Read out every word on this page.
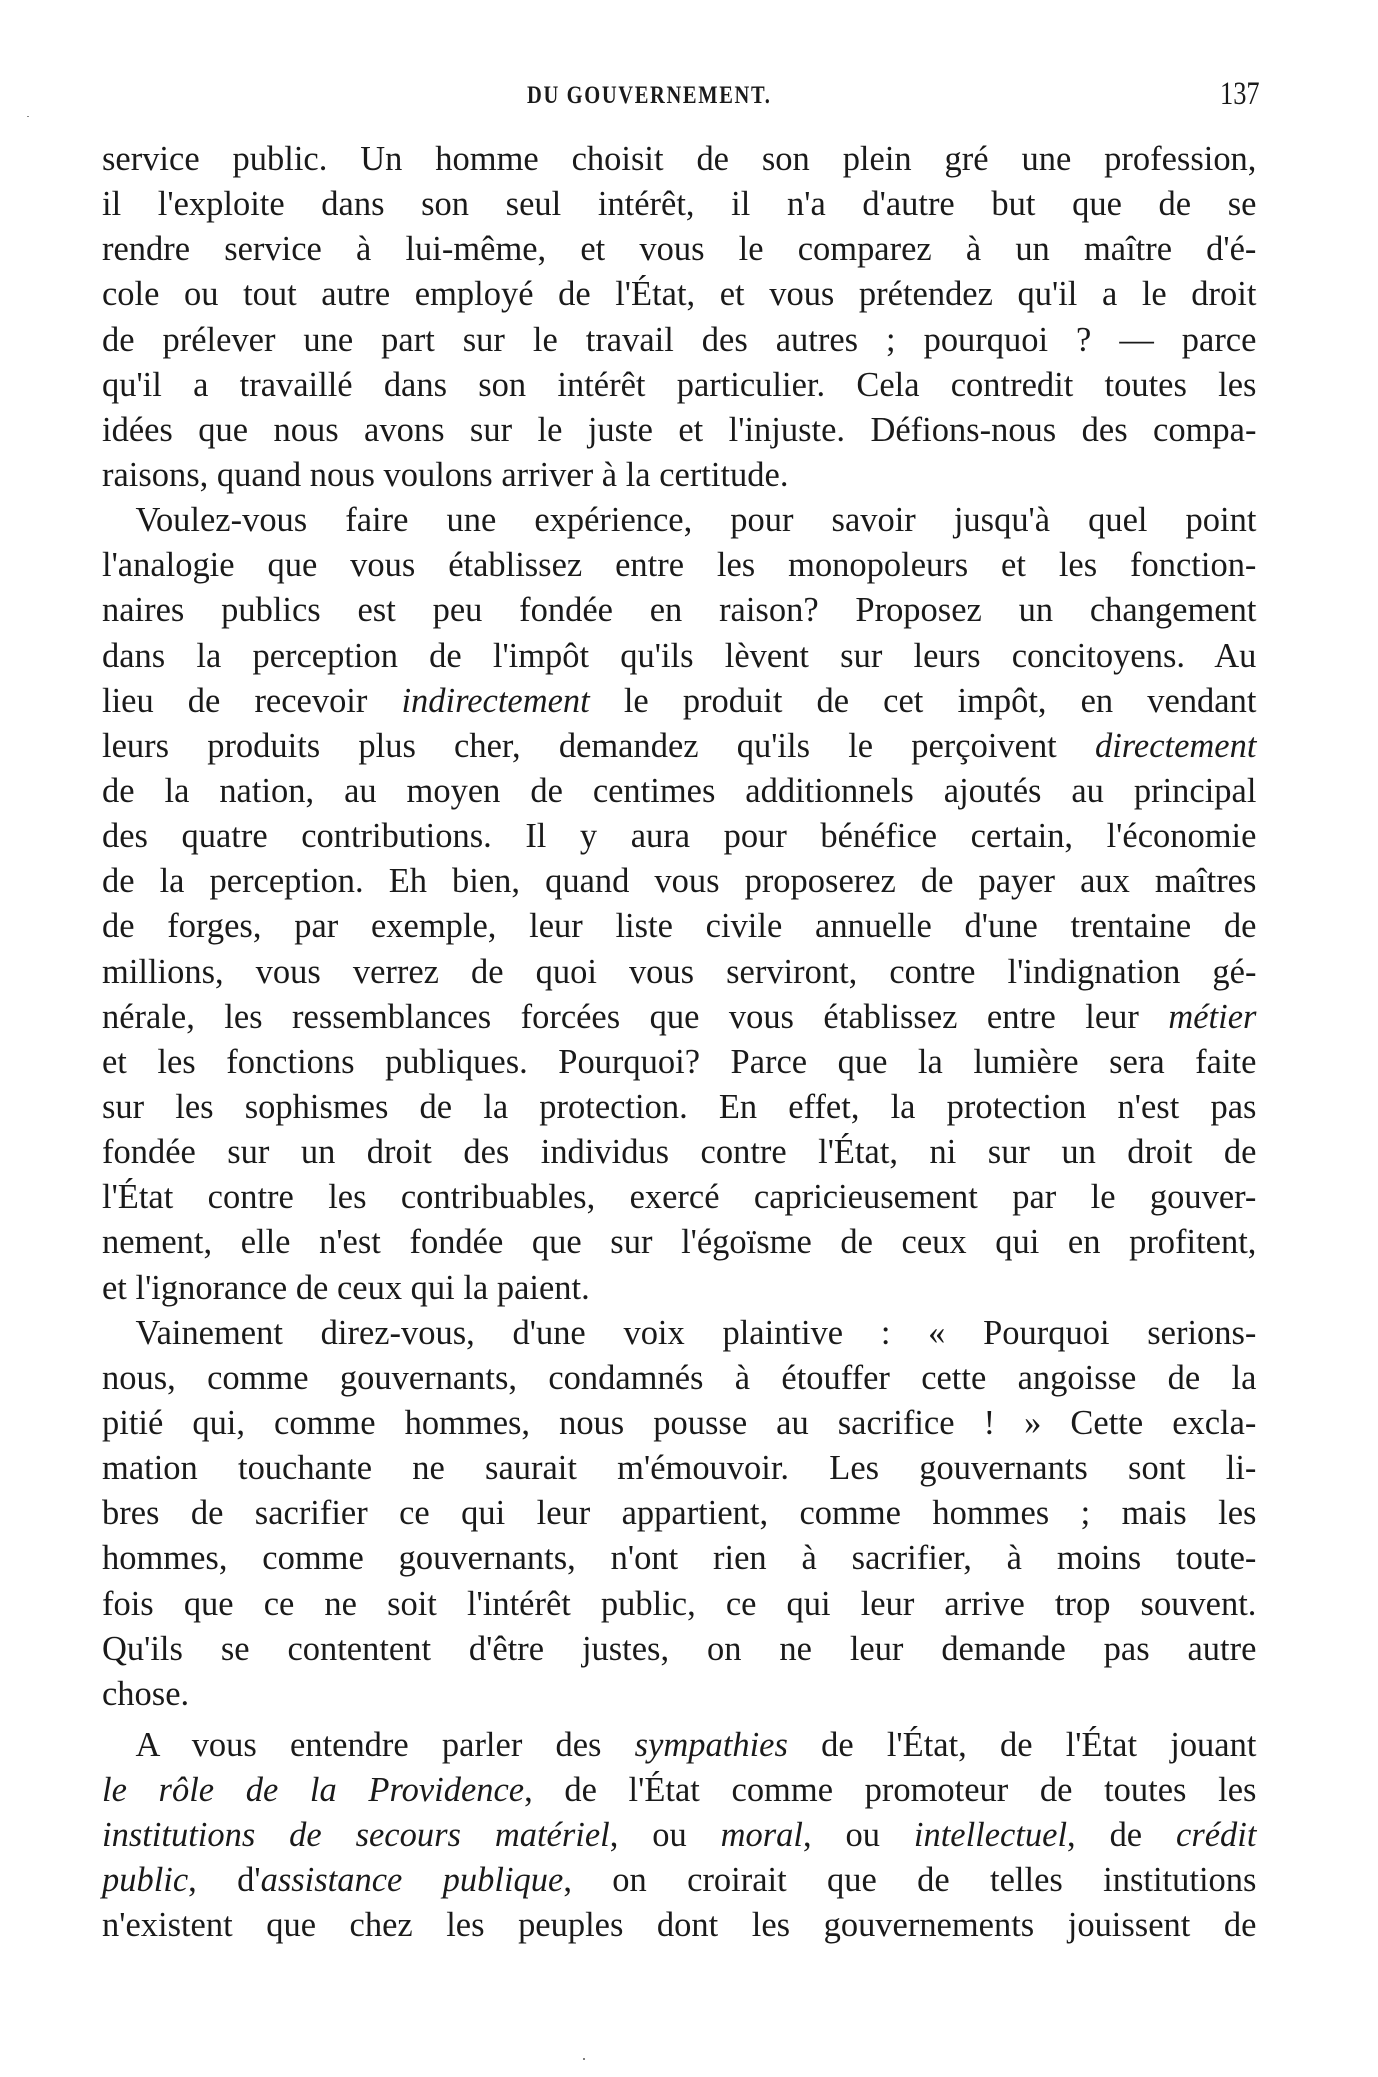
DU GOUVERNEMENT.	137
service public. Un homme choisit de son plein gré une profession,
il l'exploite dans son seul intérêt, il n'a d'autre but que de se
rendre service à lui-même, et vous le comparez à un maître d'é-
cole ou tout autre employé de l'État, et vous prétendez qu'il a le droit
de prélever une part sur le travail des autres ; pourquoi ? — parce
qu'il a travaillé dans son intérêt particulier. Cela contredit toutes les
idées que nous avons sur le juste et l'injuste. Défions-nous des compa-
raisons, quand nous voulons arriver à la certitude.
Voulez-vous faire une expérience, pour savoir jusqu'à quel point
l'analogie que vous établissez entre les monopoleurs et les fonction-
naires publics est peu fondée en raison? Proposez un changement
dans la perception de l'impôt qu'ils lèvent sur leurs concitoyens. Au
lieu de recevoir indirectement le produit de cet impôt, en vendant
leurs produits plus cher, demandez qu'ils le perçoivent directement
de la nation, au moyen de centimes additionnels ajoutés au principal
des quatre contributions. Il y aura pour bénéfice certain, l'économie
de la perception. Eh bien, quand vous proposerez de payer aux maîtres
de forges, par exemple, leur liste civile annuelle d'une trentaine de
millions, vous verrez de quoi vous serviront, contre l'indignation gé-
nérale, les ressemblances forcées que vous établissez entre leur métier
et les fonctions publiques. Pourquoi? Parce que la lumière sera faite
sur les sophismes de la protection. En effet, la protection n'est pas
fondée sur un droit des individus contre l'État, ni sur un droit de
l'État contre les contribuables, exercé capricieusement par le gouver-
nement, elle n'est fondée que sur l'égoïsme de ceux qui en profitent,
et l'ignorance de ceux qui la paient.
Vainement direz-vous, d'une voix plaintive : « Pourquoi serions-
nous, comme gouvernants, condamnés à étouffer cette angoisse de la
pitié qui, comme hommes, nous pousse au sacrifice ! » Cette excla-
mation touchante ne saurait m'émouvoir. Les gouvernants sont li-
bres de sacrifier ce qui leur appartient, comme hommes ; mais les
hommes, comme gouvernants, n'ont rien à sacrifier, à moins toute-
fois que ce ne soit l'intérêt public, ce qui leur arrive trop souvent.
Qu'ils se contentent d'être justes, on ne leur demande pas autre
chose.
A vous entendre parler des sympathies de l'État, de l'État jouant
le rôle de la Providence, de l'État comme promoteur de toutes les
institutions de secours matériel, ou moral, ou intellectuel, de crédit
public, d'assistance publique, on croirait que de telles institutions
n'existent que chez les peuples dont les gouvernements jouissent de
